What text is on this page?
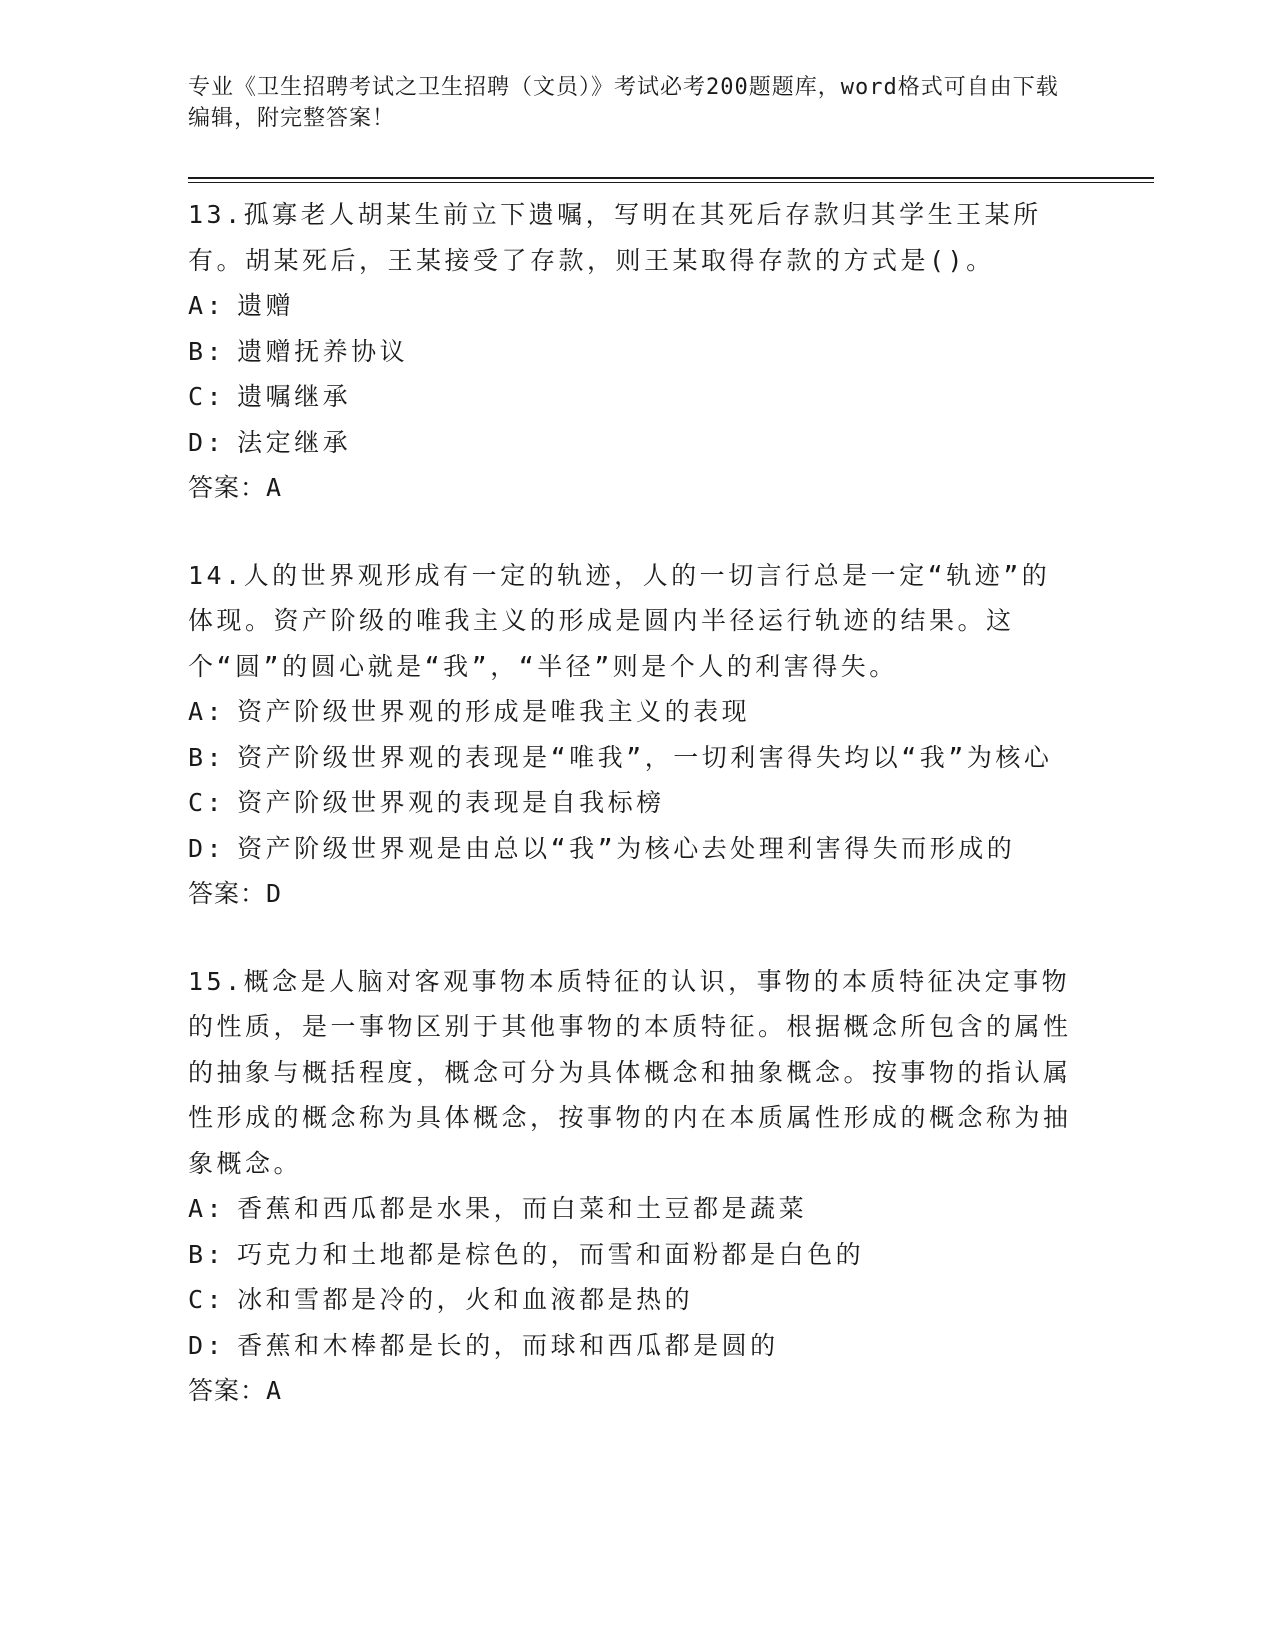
专业《卫生招聘考试之卫生招聘（文员）》考试必考200题题库，word格式可自由下载编辑，附完整答案！

13.孤寡老人胡某生前立下遗嘱，写明在其死后存款归其学生王某所有。胡某死后，王某接受了存款，则王某取得存款的方式是()。

A: 遗赠
B: 遗赠抚养协议
C: 遗嘱继承
D: 法定继承
答案：A

14.人的世界观形成有一定的轨迹，人的一切言行总是一定“轨迹”的体现。资产阶级的唯我主义的形成是圆内半径运行轨迹的结果。这个“圆”的圆心就是“我”，“半径”则是个人的利害得失。

A: 资产阶级世界观的形成是唯我主义的表现
B: 资产阶级世界观的表现是“唯我”，一切利害得失均以“我”为核心
C: 资产阶级世界观的表现是自我标榜
D: 资产阶级世界观是由总以“我”为核心去处理利害得失而形成的
答案：D

15.概念是人脑对客观事物本质特征的认识，事物的本质特征决定事物的性质，是一事物区别于其他事物的本质特征。根据概念所包含的属性的抽象与概括程度，概念可分为具体概念和抽象概念。按事物的指认属性形成的概念称为具体概念，按事物的内在本质属性形成的概念称为抽象概念。

A: 香蕉和西瓜都是水果，而白菜和土豆都是蔬菜
B: 巧克力和土地都是棕色的，而雪和面粉都是白色的
C: 冰和雪都是冷的，火和血液都是热的
D: 香蕉和木棒都是长的，而球和西瓜都是圆的
答案：A
